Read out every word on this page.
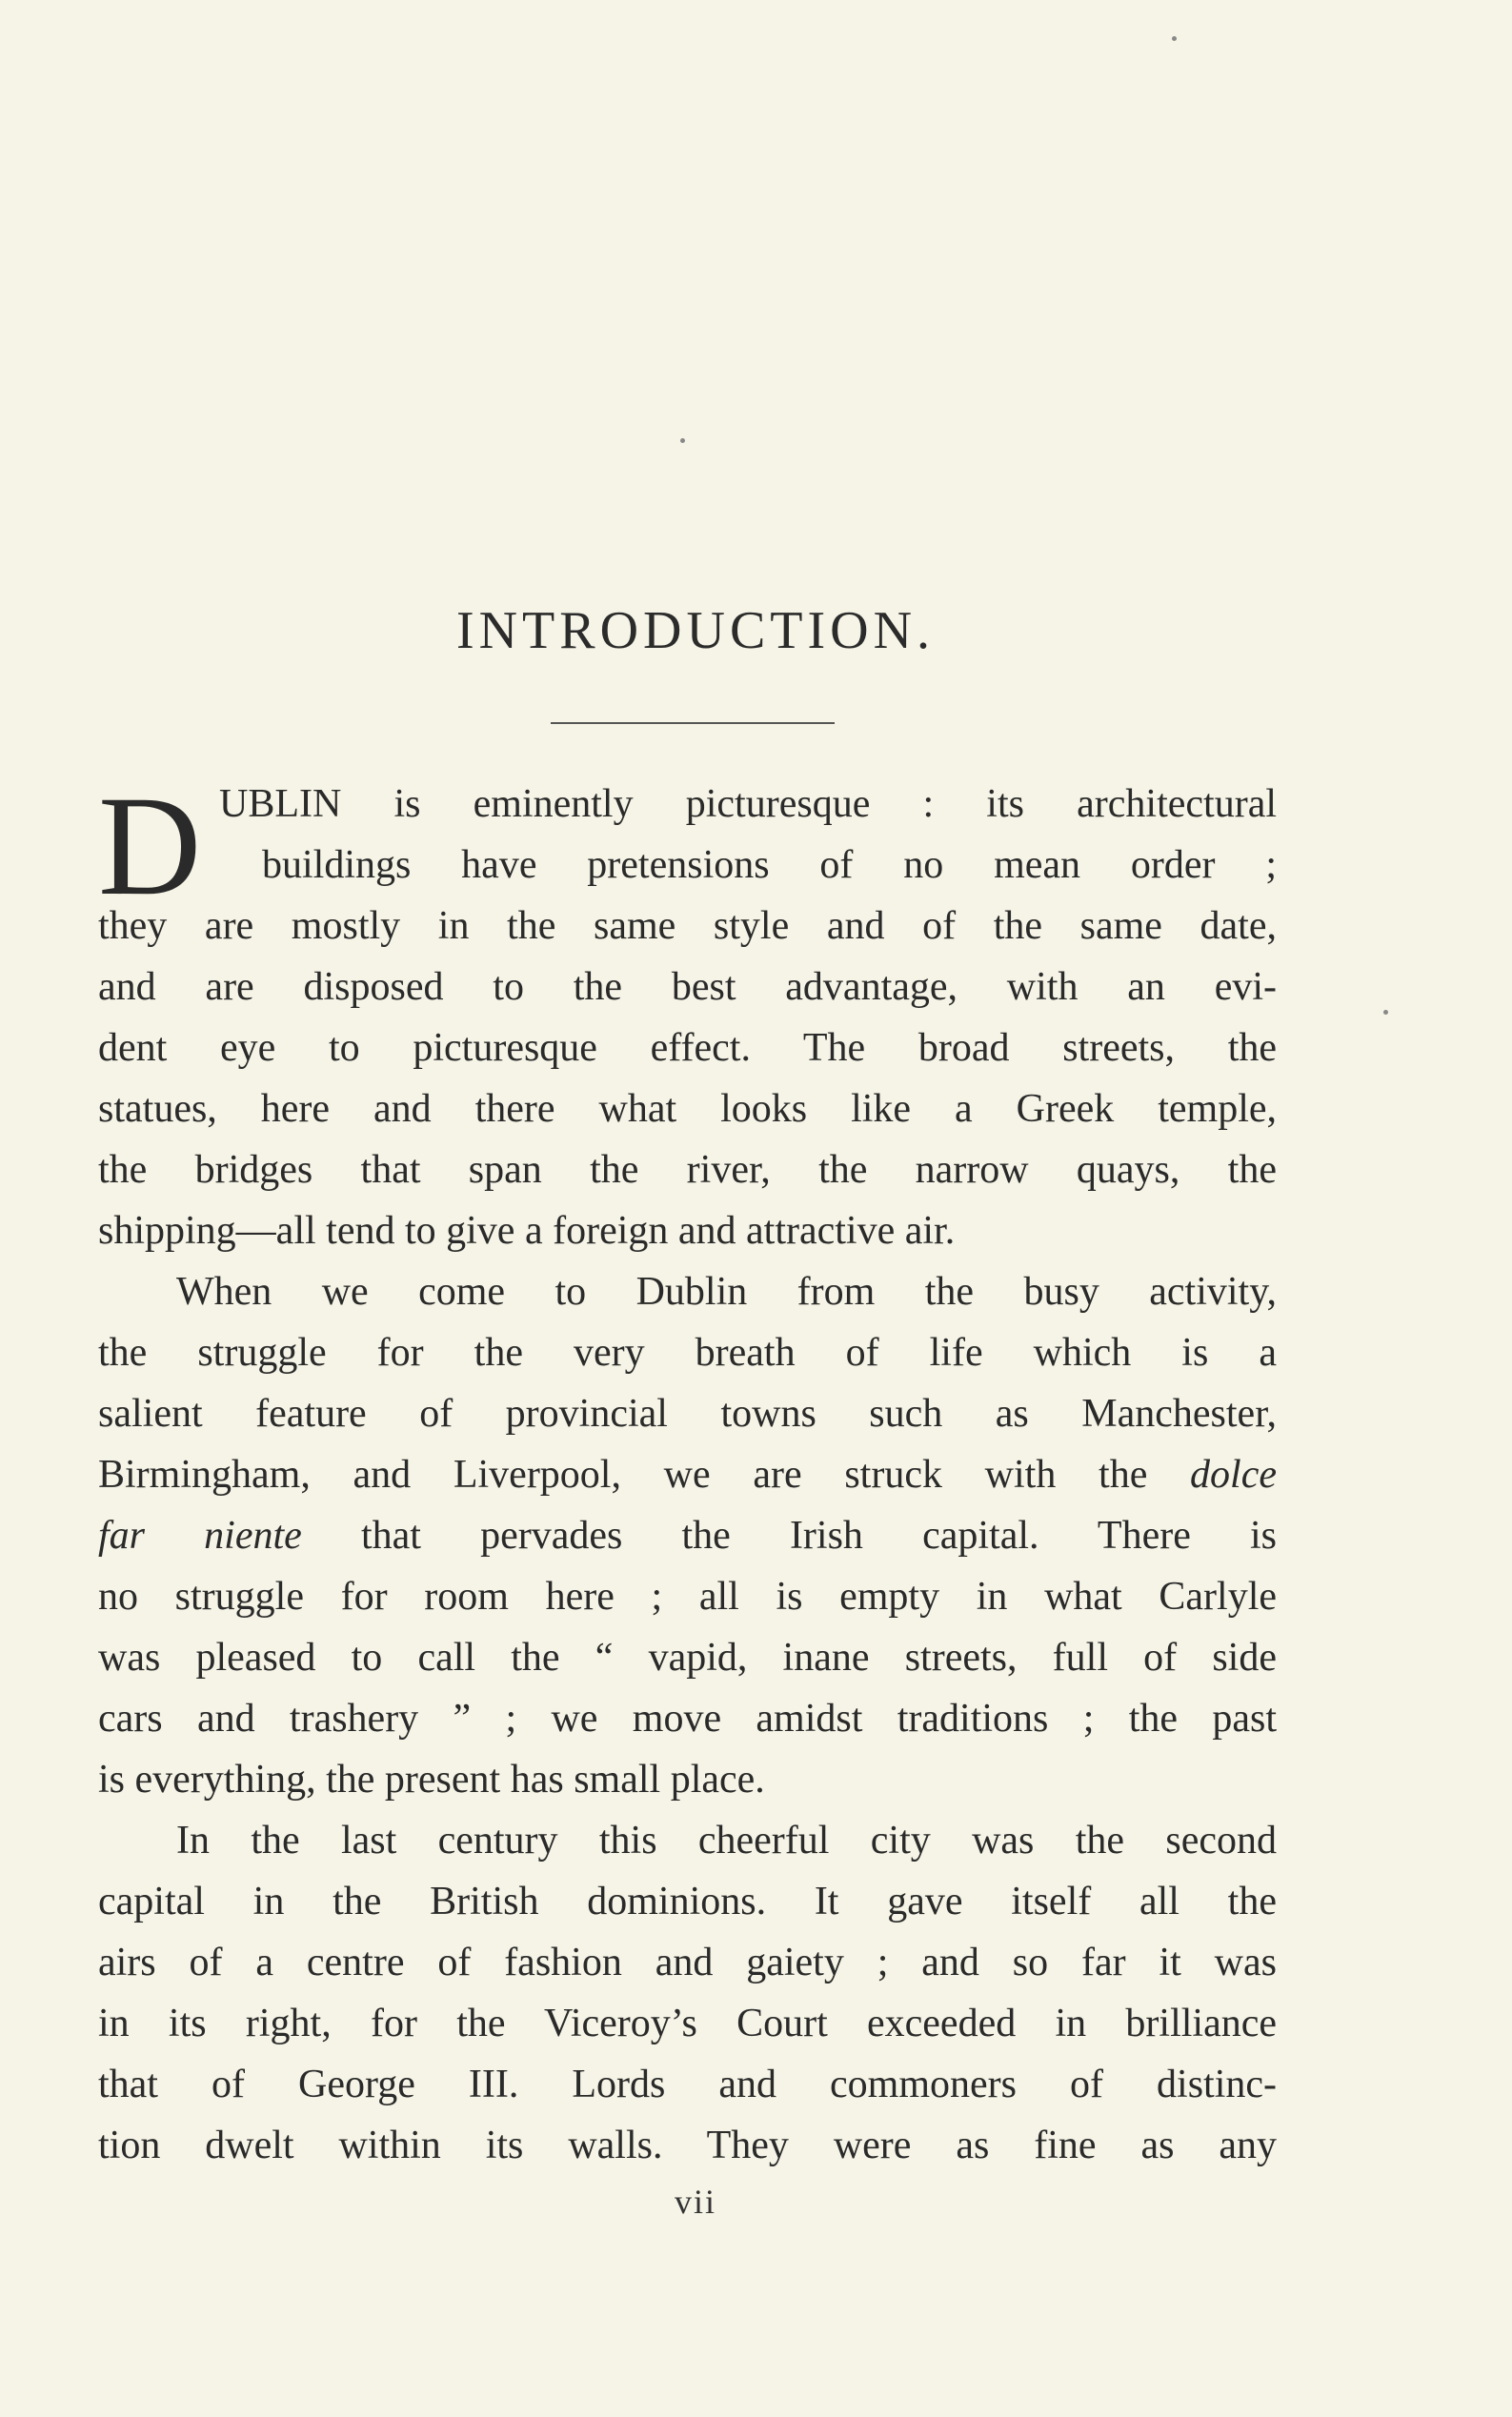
INTRODUCTION.
D UBLIN is eminently picturesque : its architectural
buildings have pretensions of no mean order ;
they are mostly in the same style and of the same date,
and are disposed to the best advantage, with an evi-
dent eye to picturesque effect. The broad streets, the
statues, here and there what looks like a Greek temple,
the bridges that span the river, the narrow quays, the
shipping—all tend to give a foreign and attractive air.
When we come to Dublin from the busy activity,
the struggle for the very breath of life which is a
salient feature of provincial towns such as Manchester,
Birmingham, and Liverpool, we are struck with the dolce
far niente that pervades the Irish capital. There is
no struggle for room here ; all is empty in what Carlyle
was pleased to call the “ vapid, inane streets, full of side
cars and trashery ” ; we move amidst traditions ; the past
is everything, the present has small place.
In the last century this cheerful city was the second
capital in the British dominions. It gave itself all the
airs of a centre of fashion and gaiety ; and so far it was
in its right, for the Viceroy’s Court exceeded in brilliance
that of George III. Lords and commoners of distinc-
tion dwelt within its walls. They were as fine as any
vii
